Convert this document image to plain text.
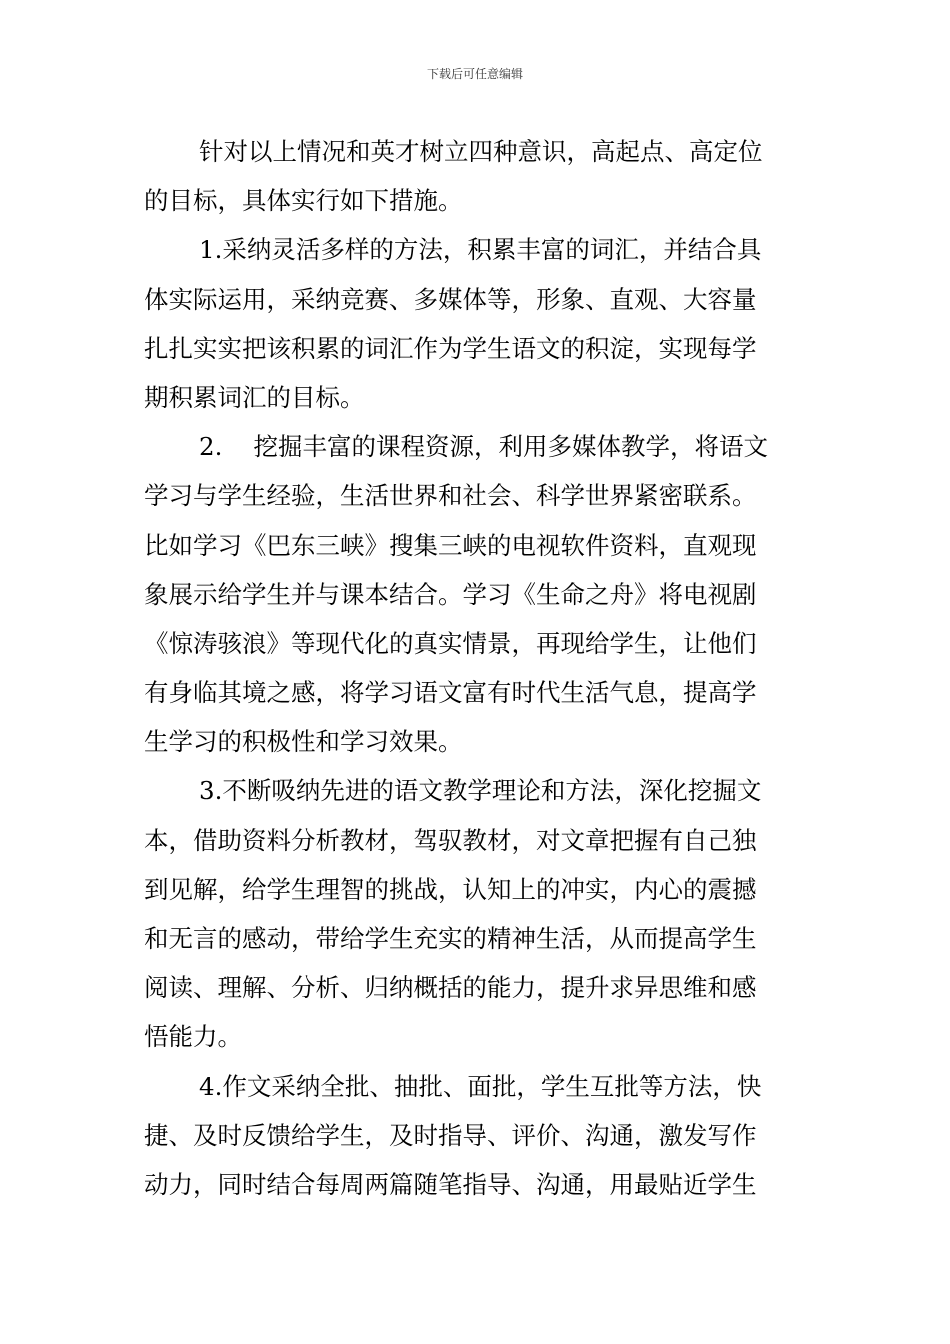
下载后可任意编辑
针对以上情况和英才树立四种意识，高起点、高定位
的目标，具体实行如下措施。
1.采纳灵活多样的方法，积累丰富的词汇，并结合具
体实际运用，采纳竞赛、多媒体等，形象、直观、大容量
扎扎实实把该积累的词汇作为学生语文的积淀，实现每学
期积累词汇的目标。
2.    挖掘丰富的课程资源，利用多媒体教学，将语文
学习与学生经验，生活世界和社会、科学世界紧密联系。
比如学习《巴东三峡》搜集三峡的电视软件资料，直观现
象展示给学生并与课本结合。学习《生命之舟》将电视剧
《惊涛骇浪》等现代化的真实情景，再现给学生，让他们
有身临其境之感，将学习语文富有时代生活气息，提高学
生学习的积极性和学习效果。
3.不断吸纳先进的语文教学理论和方法，深化挖掘文
本，借助资料分析教材，驾驭教材，对文章把握有自己独
到见解，给学生理智的挑战，认知上的冲实，内心的震撼
和无言的感动，带给学生充实的精神生活，从而提高学生
阅读、理解、分析、归纳概括的能力，提升求异思维和感
悟能力。
4.作文采纳全批、抽批、面批，学生互批等方法，快
捷、及时反馈给学生，及时指导、评价、沟通，激发写作
动力，同时结合每周两篇随笔指导、沟通，用最贴近学生
